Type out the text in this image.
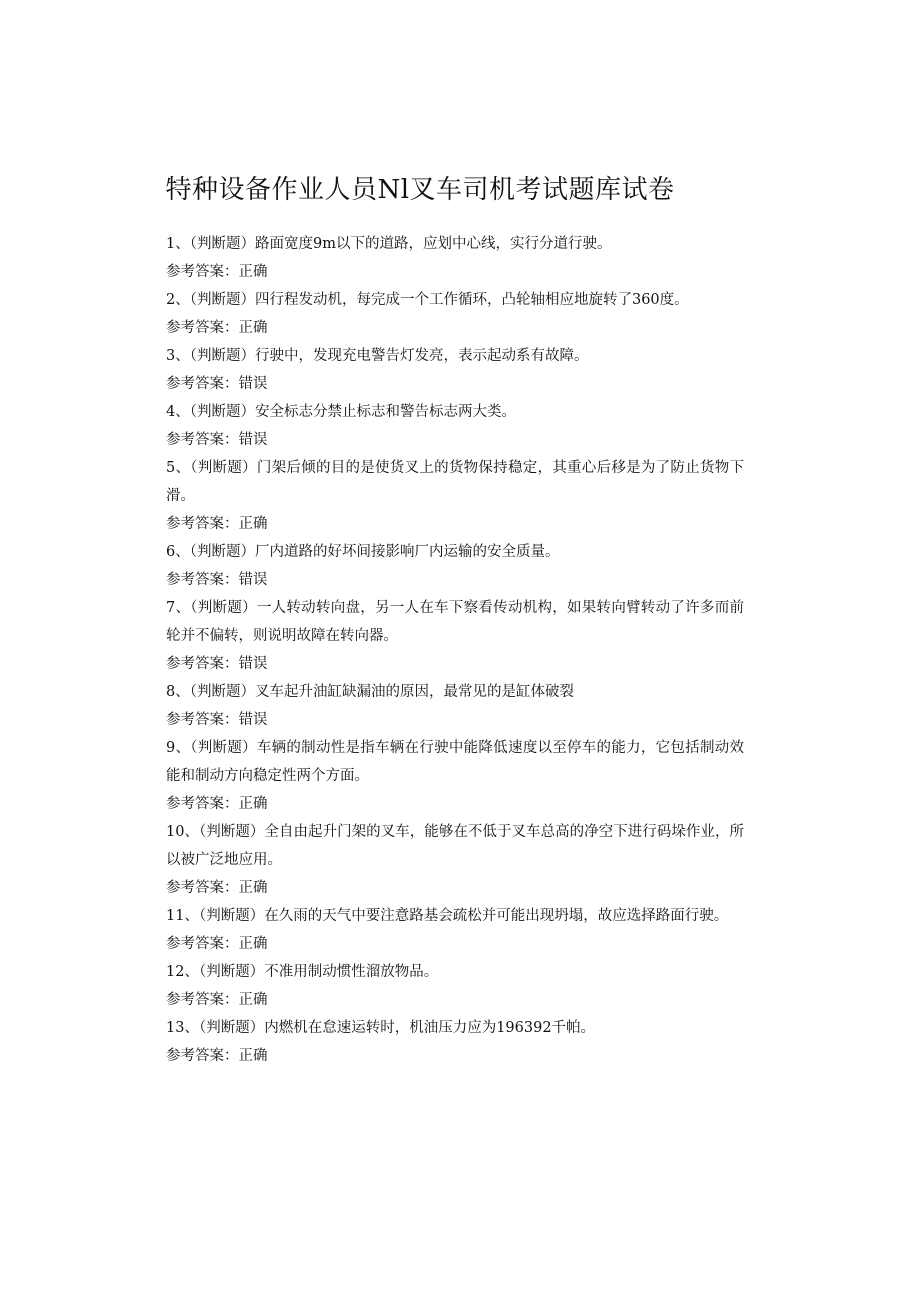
特种设备作业人员Nl叉车司机考试题库试卷

1、（判断题）路面宽度9m以下的道路，应划中心线，实行分道行驶。

参考答案：正确

2、（判断题）四行程发动机，每完成一个工作循环，凸轮轴相应地旋转了360度。

参考答案：正确

3、（判断题）行驶中，发现充电警告灯发亮，表示起动系有故障。

参考答案：错误

4、（判断题）安全标志分禁止标志和警告标志两大类。

参考答案：错误

5、（判断题）门架后倾的目的是使货叉上的货物保持稳定，其重心后移是为了防止货物下滑。

参考答案：正确

6、（判断题）厂内道路的好坏间接影响厂内运输的安全质量。

参考答案：错误

7、（判断题）一人转动转向盘，另一人在车下察看传动机构，如果转向臂转动了许多而前轮并不偏转，则说明故障在转向器。

参考答案：错误

8、（判断题）叉车起升油缸缺漏油的原因，最常见的是缸体破裂

参考答案：错误

9、（判断题）车辆的制动性是指车辆在行驶中能降低速度以至停车的能力，它包括制动效能和制动方向稳定性两个方面。

参考答案：正确

10、（判断题）全自由起升门架的叉车，能够在不低于叉车总高的净空下进行码垛作业，所以被广泛地应用。

参考答案：正确

11、（判断题）在久雨的天气中要注意路基会疏松并可能出现坍塌，故应选择路面行驶。

参考答案：正确

12、（判断题）不准用制动惯性溜放物品。

参考答案：正确

13、（判断题）内燃机在怠速运转时，机油压力应为196392千帕。

参考答案：正确
